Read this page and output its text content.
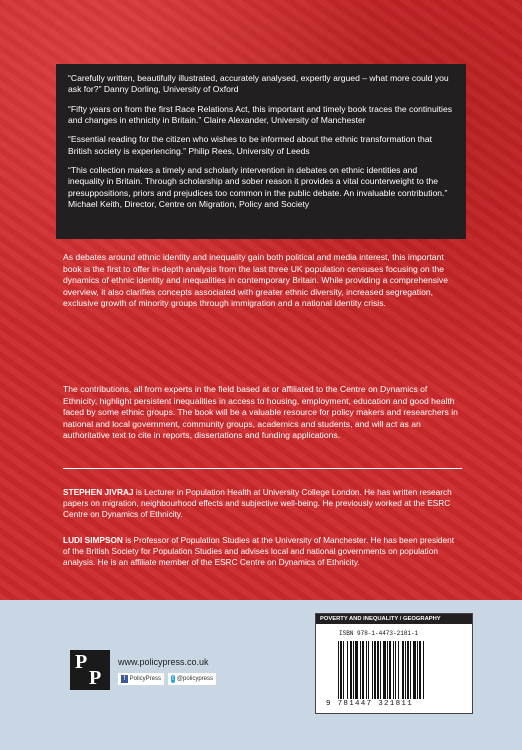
“Carefully written, beautifully illustrated, accurately analysed, expertly argued – what more could you ask for?” Danny Dorling, University of Oxford

“Fifty years on from the first Race Relations Act, this important and timely book traces the continuities and changes in ethnicity in Britain.” Claire Alexander, University of Manchester

“Essential reading for the citizen who wishes to be informed about the ethnic transformation that British society is experiencing.” Philip Rees, University of Leeds

“This collection makes a timely and scholarly intervention in debates on ethnic identities and inequality in Britain. Through scholarship and sober reason it provides a vital counterweight to the presuppositions, priors and prejudices too common in the public debate. An invaluable contribution.” Michael Keith, Director, Centre on Migration, Policy and Society

As debates around ethnic identity and inequality gain both political and media interest, this important book is the first to offer in-depth analysis from the last three UK population censuses focusing on the dynamics of ethnic identity and inequalities in contemporary Britain. While providing a comprehensive overview, it also clarifies concepts associated with greater ethnic diversity, increased segregation, exclusive growth of minority groups through immigration and a national identity crisis.

The contributions, all from experts in the field based at or affiliated to the Centre on Dynamics of Ethnicity, highlight persistent inequalities in access to housing, employment, education and good health faced by some ethnic groups. The book will be a valuable resource for policy makers and researchers in national and local government, community groups, academics and students, and will act as an authoritative text to cite in reports, dissertations and funding applications.

STEPHEN JIVRAJ is Lecturer in Population Health at University College London. He has written research papers on migration, neighbourhood effects and subjective well-being. He previously worked at the ESRC Centre on Dynamics of Ethnicity.

LUDI SIMPSON is Professor of Population Studies at the University of Manchester. He has been president of the British Society for Population Studies and advises local and national governments on population analysis. He is an affiliate member of the ESRC Centre on Dynamics of Ethnicity.

P
P
www.policypress.co.uk
f PolicyPress t @policypress
POVERTY AND INEQUALITY / GEOGRAPHY
ISBN 978-1-4473-2181-1
9 781447 321811
